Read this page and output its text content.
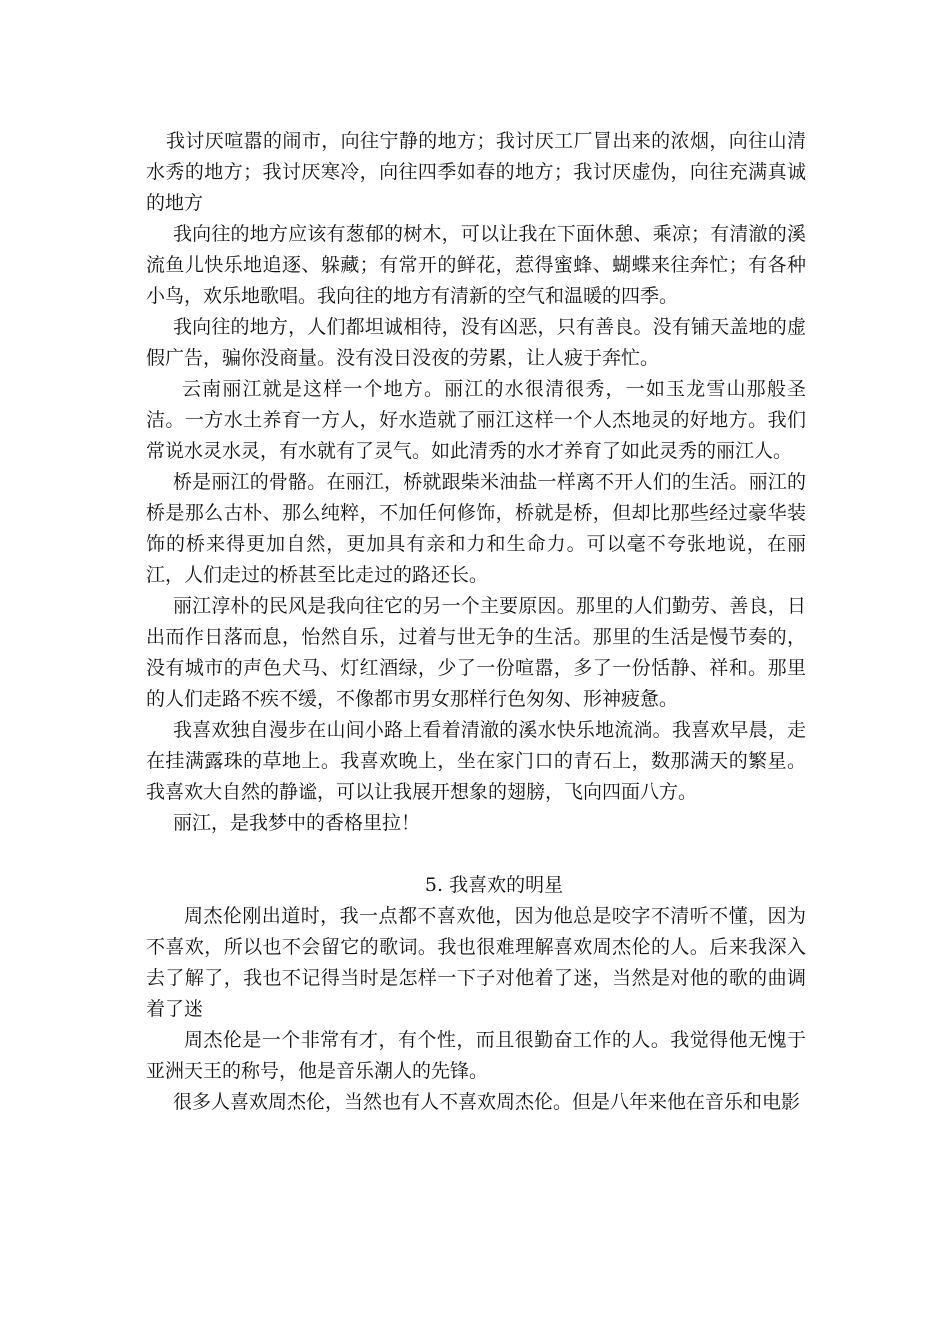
我讨厌喧嚣的闹市，向往宁静的地方；我讨厌工厂冒出来的浓烟，向往山清水秀的地方；我讨厌寒冷，向往四季如春的地方；我讨厌虚伪，向往充满真诚的地方

我向往的地方应该有葱郁的树木，可以让我在下面休憩、乘凉；有清澈的溪流鱼儿快乐地追逐、躲藏；有常开的鲜花，惹得蜜蜂、蝴蝶来往奔忙；有各种小鸟，欢乐地歌唱。我向往的地方有清新的空气和温暖的四季。

我向往的地方，人们都坦诚相待，没有凶恶，只有善良。没有铺天盖地的虚假广告，骗你没商量。没有没日没夜的劳累，让人疲于奔忙。

云南丽江就是这样一个地方。丽江的水很清很秀，一如玉龙雪山那般圣洁。一方水土养育一方人，好水造就了丽江这样一个人杰地灵的好地方。我们常说水灵水灵，有水就有了灵气。如此清秀的水才养育了如此灵秀的丽江人。

桥是丽江的骨骼。在丽江，桥就跟柴米油盐一样离不开人们的生活。丽江的桥是那么古朴、那么纯粹，不加任何修饰，桥就是桥，但却比那些经过豪华装饰的桥来得更加自然，更加具有亲和力和生命力。可以毫不夸张地说，在丽江，人们走过的桥甚至比走过的路还长。

丽江淳朴的民风是我向往它的另一个主要原因。那里的人们勤劳、善良，日出而作日落而息，怡然自乐，过着与世无争的生活。那里的生活是慢节奏的，没有城市的声色犬马、灯红酒绿，少了一份喧嚣，多了一份恬静、祥和。那里的人们走路不疾不缓，不像都市男女那样行色匆匆、形神疲惫。

我喜欢独自漫步在山间小路上看着清澈的溪水快乐地流淌。我喜欢早晨，走在挂满露珠的草地上。我喜欢晚上，坐在家门口的青石上，数那满天的繁星。我喜欢大自然的静谧，可以让我展开想象的翅膀，飞向四面八方。

丽江，是我梦中的香格里拉！

5. 我喜欢的明星

周杰伦刚出道时，我一点都不喜欢他，因为他总是咬字不清听不懂，因为不喜欢，所以也不会留它的歌词。我也很难理解喜欢周杰伦的人。后来我深入去了解了，我也不记得当时是怎样一下子对他着了迷，当然是对他的歌的曲调着了迷

周杰伦是一个非常有才，有个性，而且很勤奋工作的人。我觉得他无愧于亚洲天王的称号，他是音乐潮人的先锋。

很多人喜欢周杰伦，当然也有人不喜欢周杰伦。但是八年来他在音乐和电影
